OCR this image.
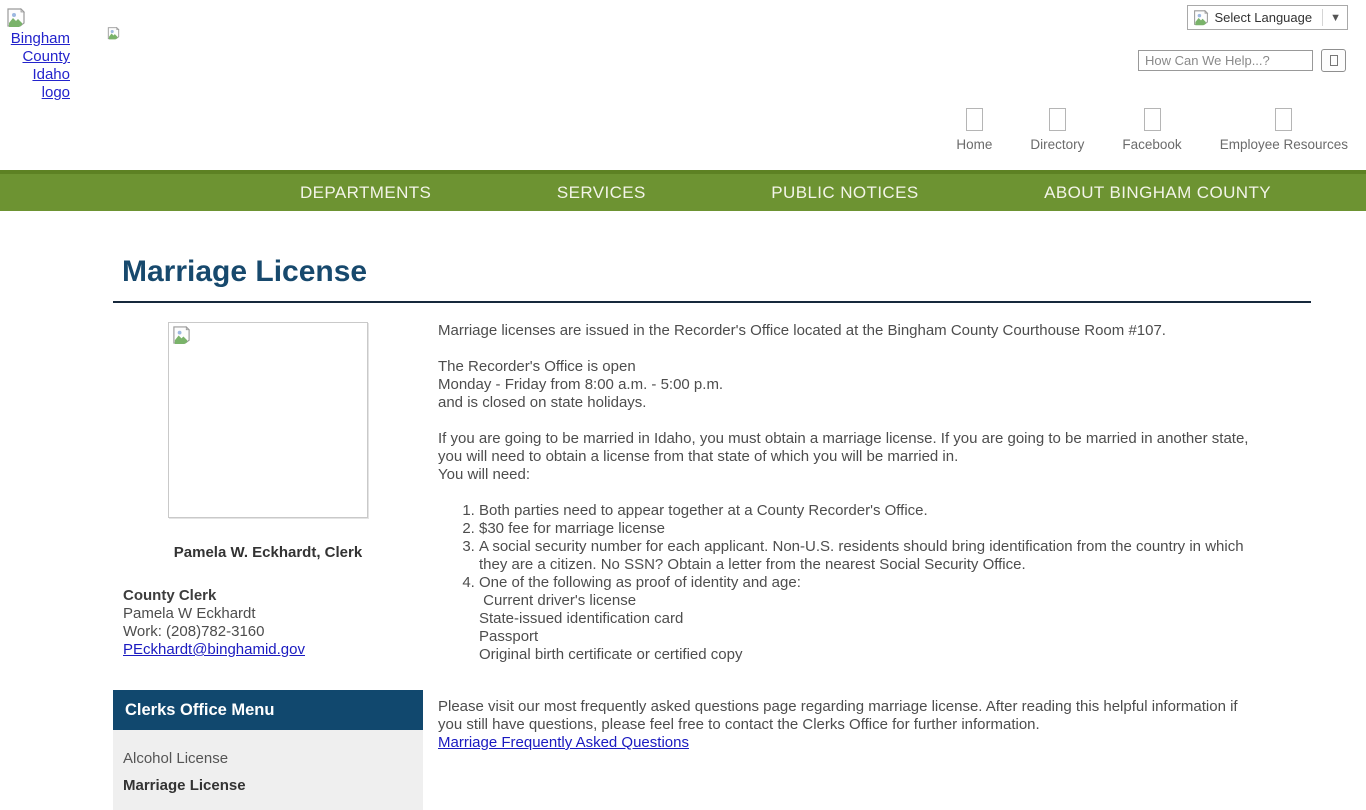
Bingham County Idaho logo
Select Language ▼
How Can We Help...?
Home	Directory	Facebook	Employee Resources
DEPARTMENTS	SERVICES	PUBLIC NOTICES	ABOUT BINGHAM COUNTY
Marriage License
Pamela W. Eckhardt, Clerk
County Clerk
Pamela W Eckhardt
Work: (208)782-3160
PEckhardt@binghamid.gov
Clerks Office Menu
Alcohol License
Marriage License
Marriage licenses are issued in the Recorder's Office located at the Bingham County Courthouse Room #107.
The Recorder's Office is open
Monday - Friday from 8:00 a.m. - 5:00 p.m.
and is closed on state holidays.
If you are going to be married in Idaho, you must obtain a marriage license. If you are going to be married in another state, you will need to obtain a license from that state of which you will be married in.
You will need:
1. Both parties need to appear together at a County Recorder's Office.
2. $30 fee for marriage license
3. A social security number for each applicant. Non-U.S. residents should bring identification from the country in which they are a citizen. No SSN? Obtain a letter from the nearest Social Security Office.
4. One of the following as proof of identity and age:
Current driver's license
State-issued identification card
Passport
Original birth certificate or certified copy
Please visit our most frequently asked questions page regarding marriage license. After reading this helpful information if you still have questions, please feel free to contact the Clerks Office for further information.
Marriage Frequently Asked Questions
